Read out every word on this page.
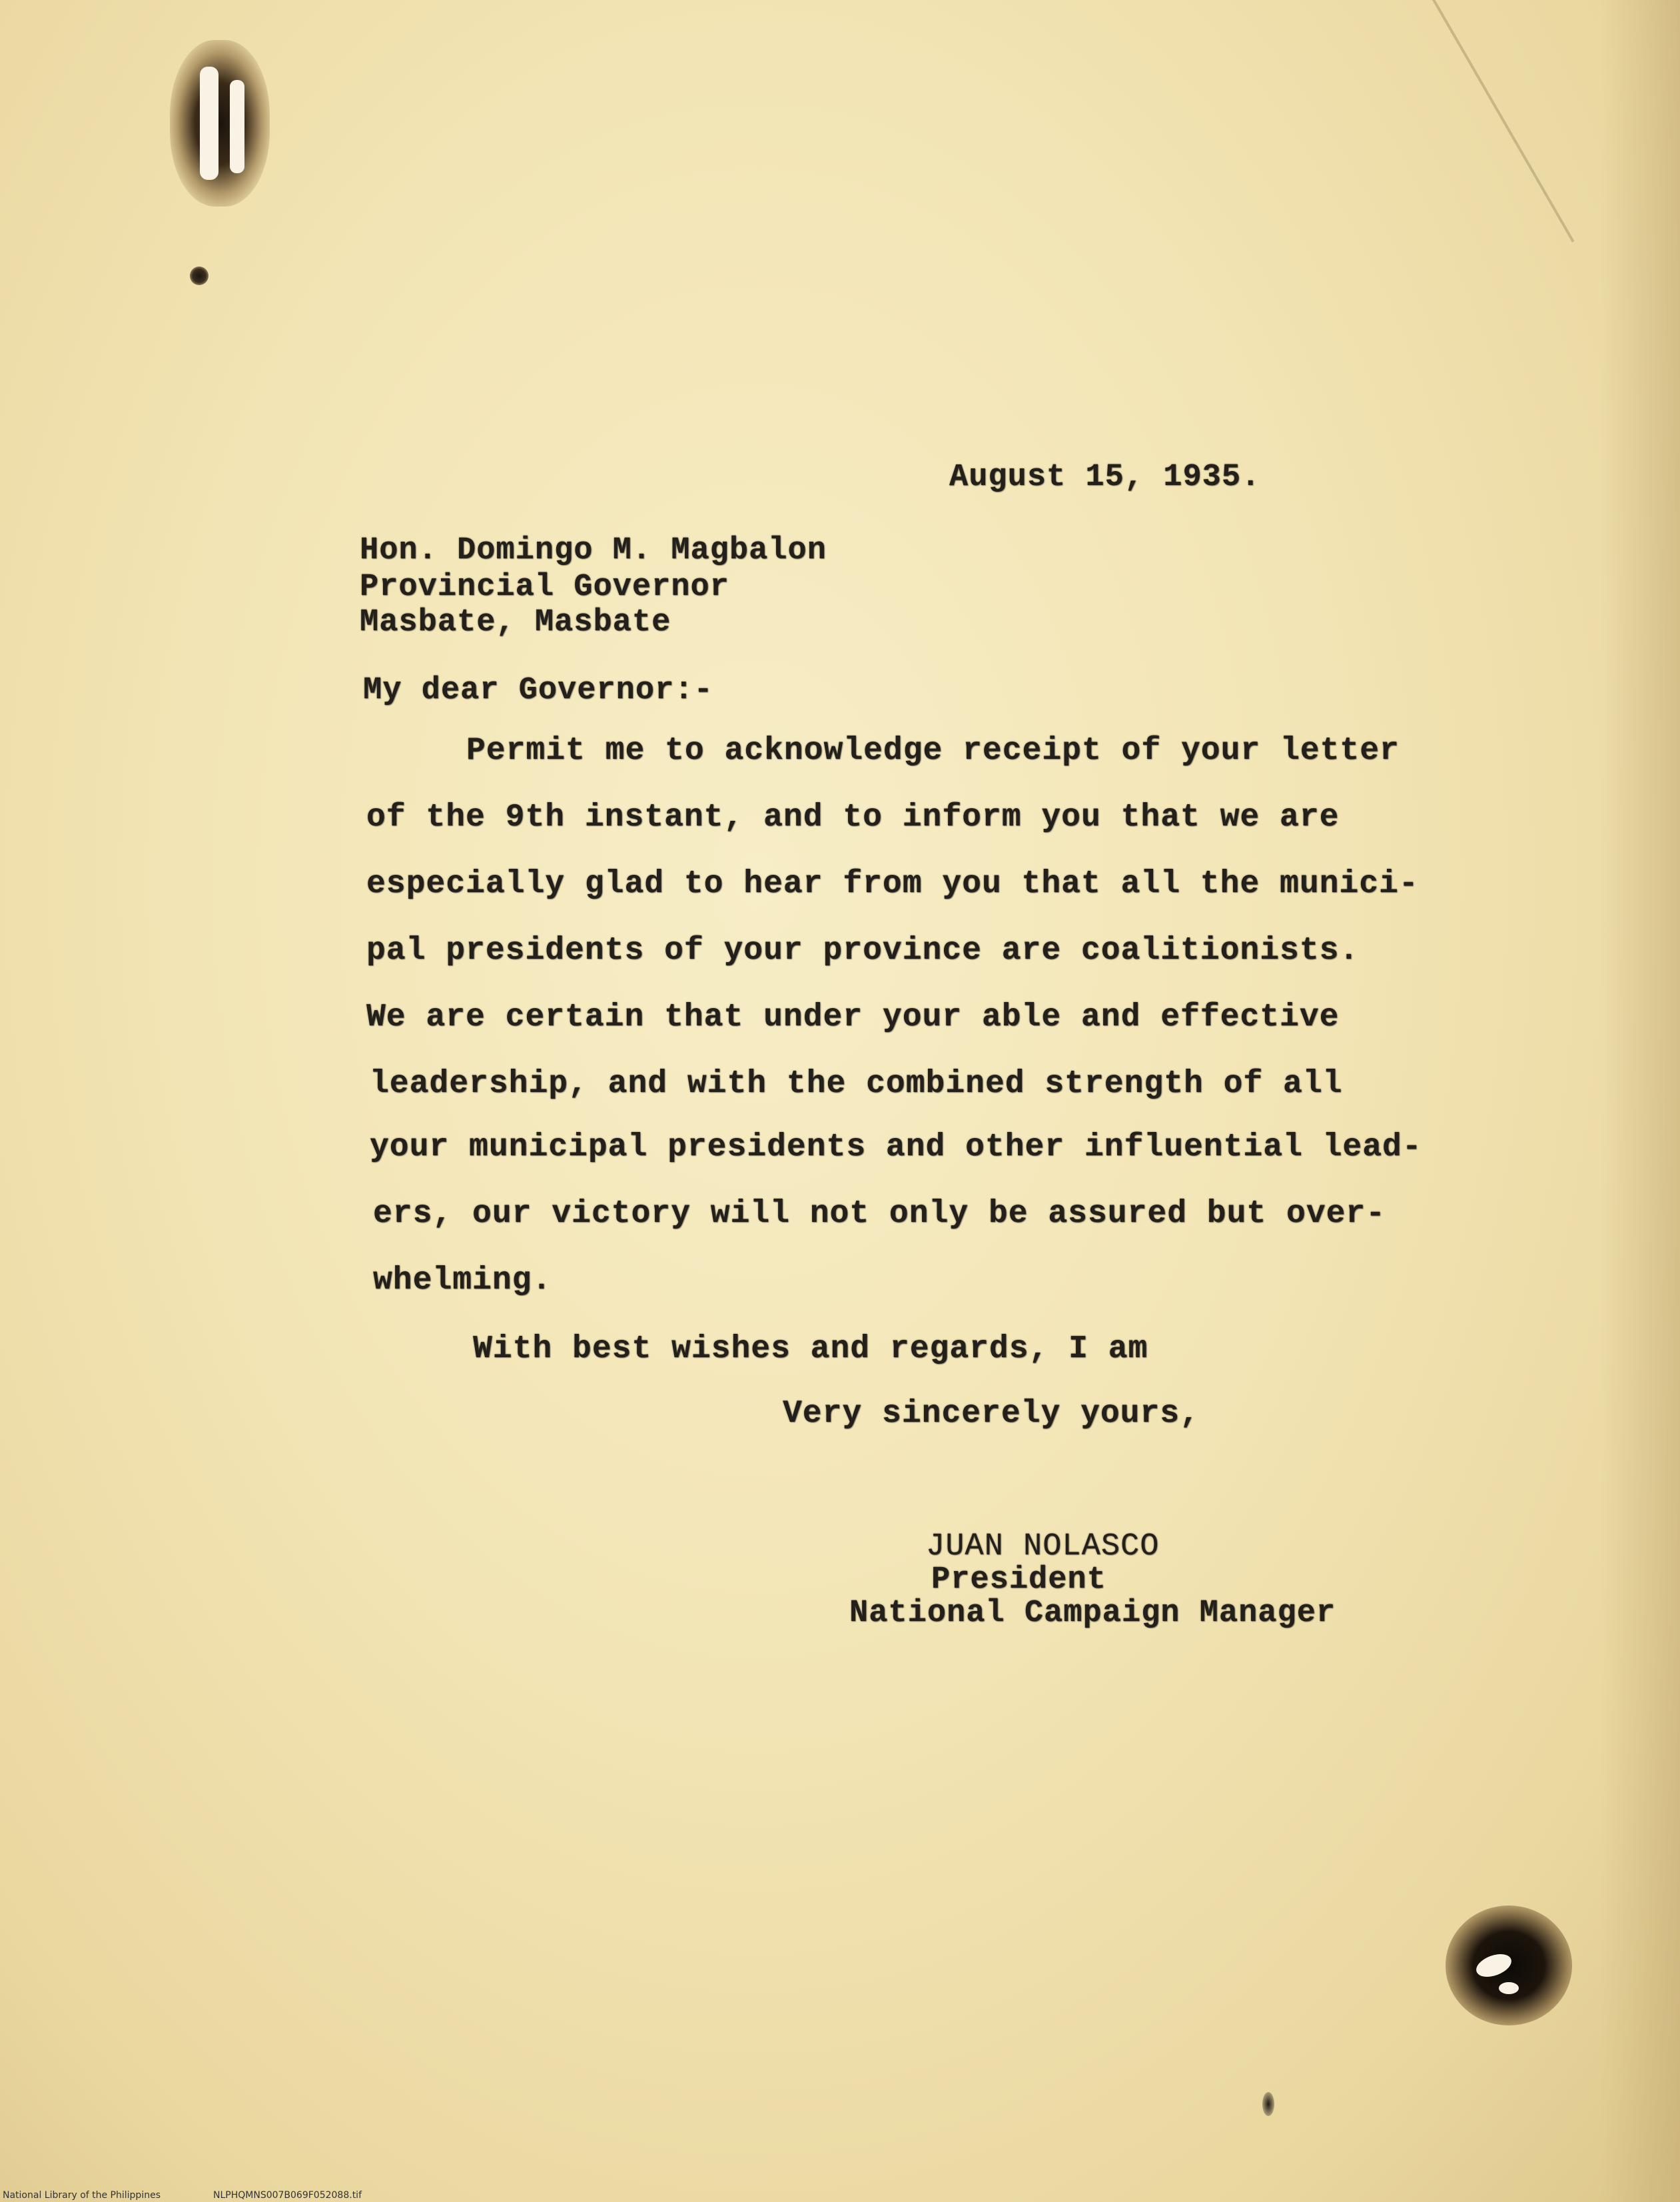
August 15, 1935.
Hon. Domingo M. Magbalon
Provincial Governor
Masbate, Masbate
My dear Governor:-
Permit me to acknowledge receipt of your letter
of the 9th instant, and to inform you that we are
especially glad to hear from you that all the munici-
pal presidents of your province are coalitionists.
We are certain that under your able and effective
leadership, and with the combined strength of all
your municipal presidents and other influential lead-
ers, our victory will not only be assured but over-
whelming.
With best wishes and regards, I am
Very sincerely yours,
JUAN NOLASCO
President
National Campaign Manager
National Library of the Philippines	NLPHQMNS007B069F052088.tif
